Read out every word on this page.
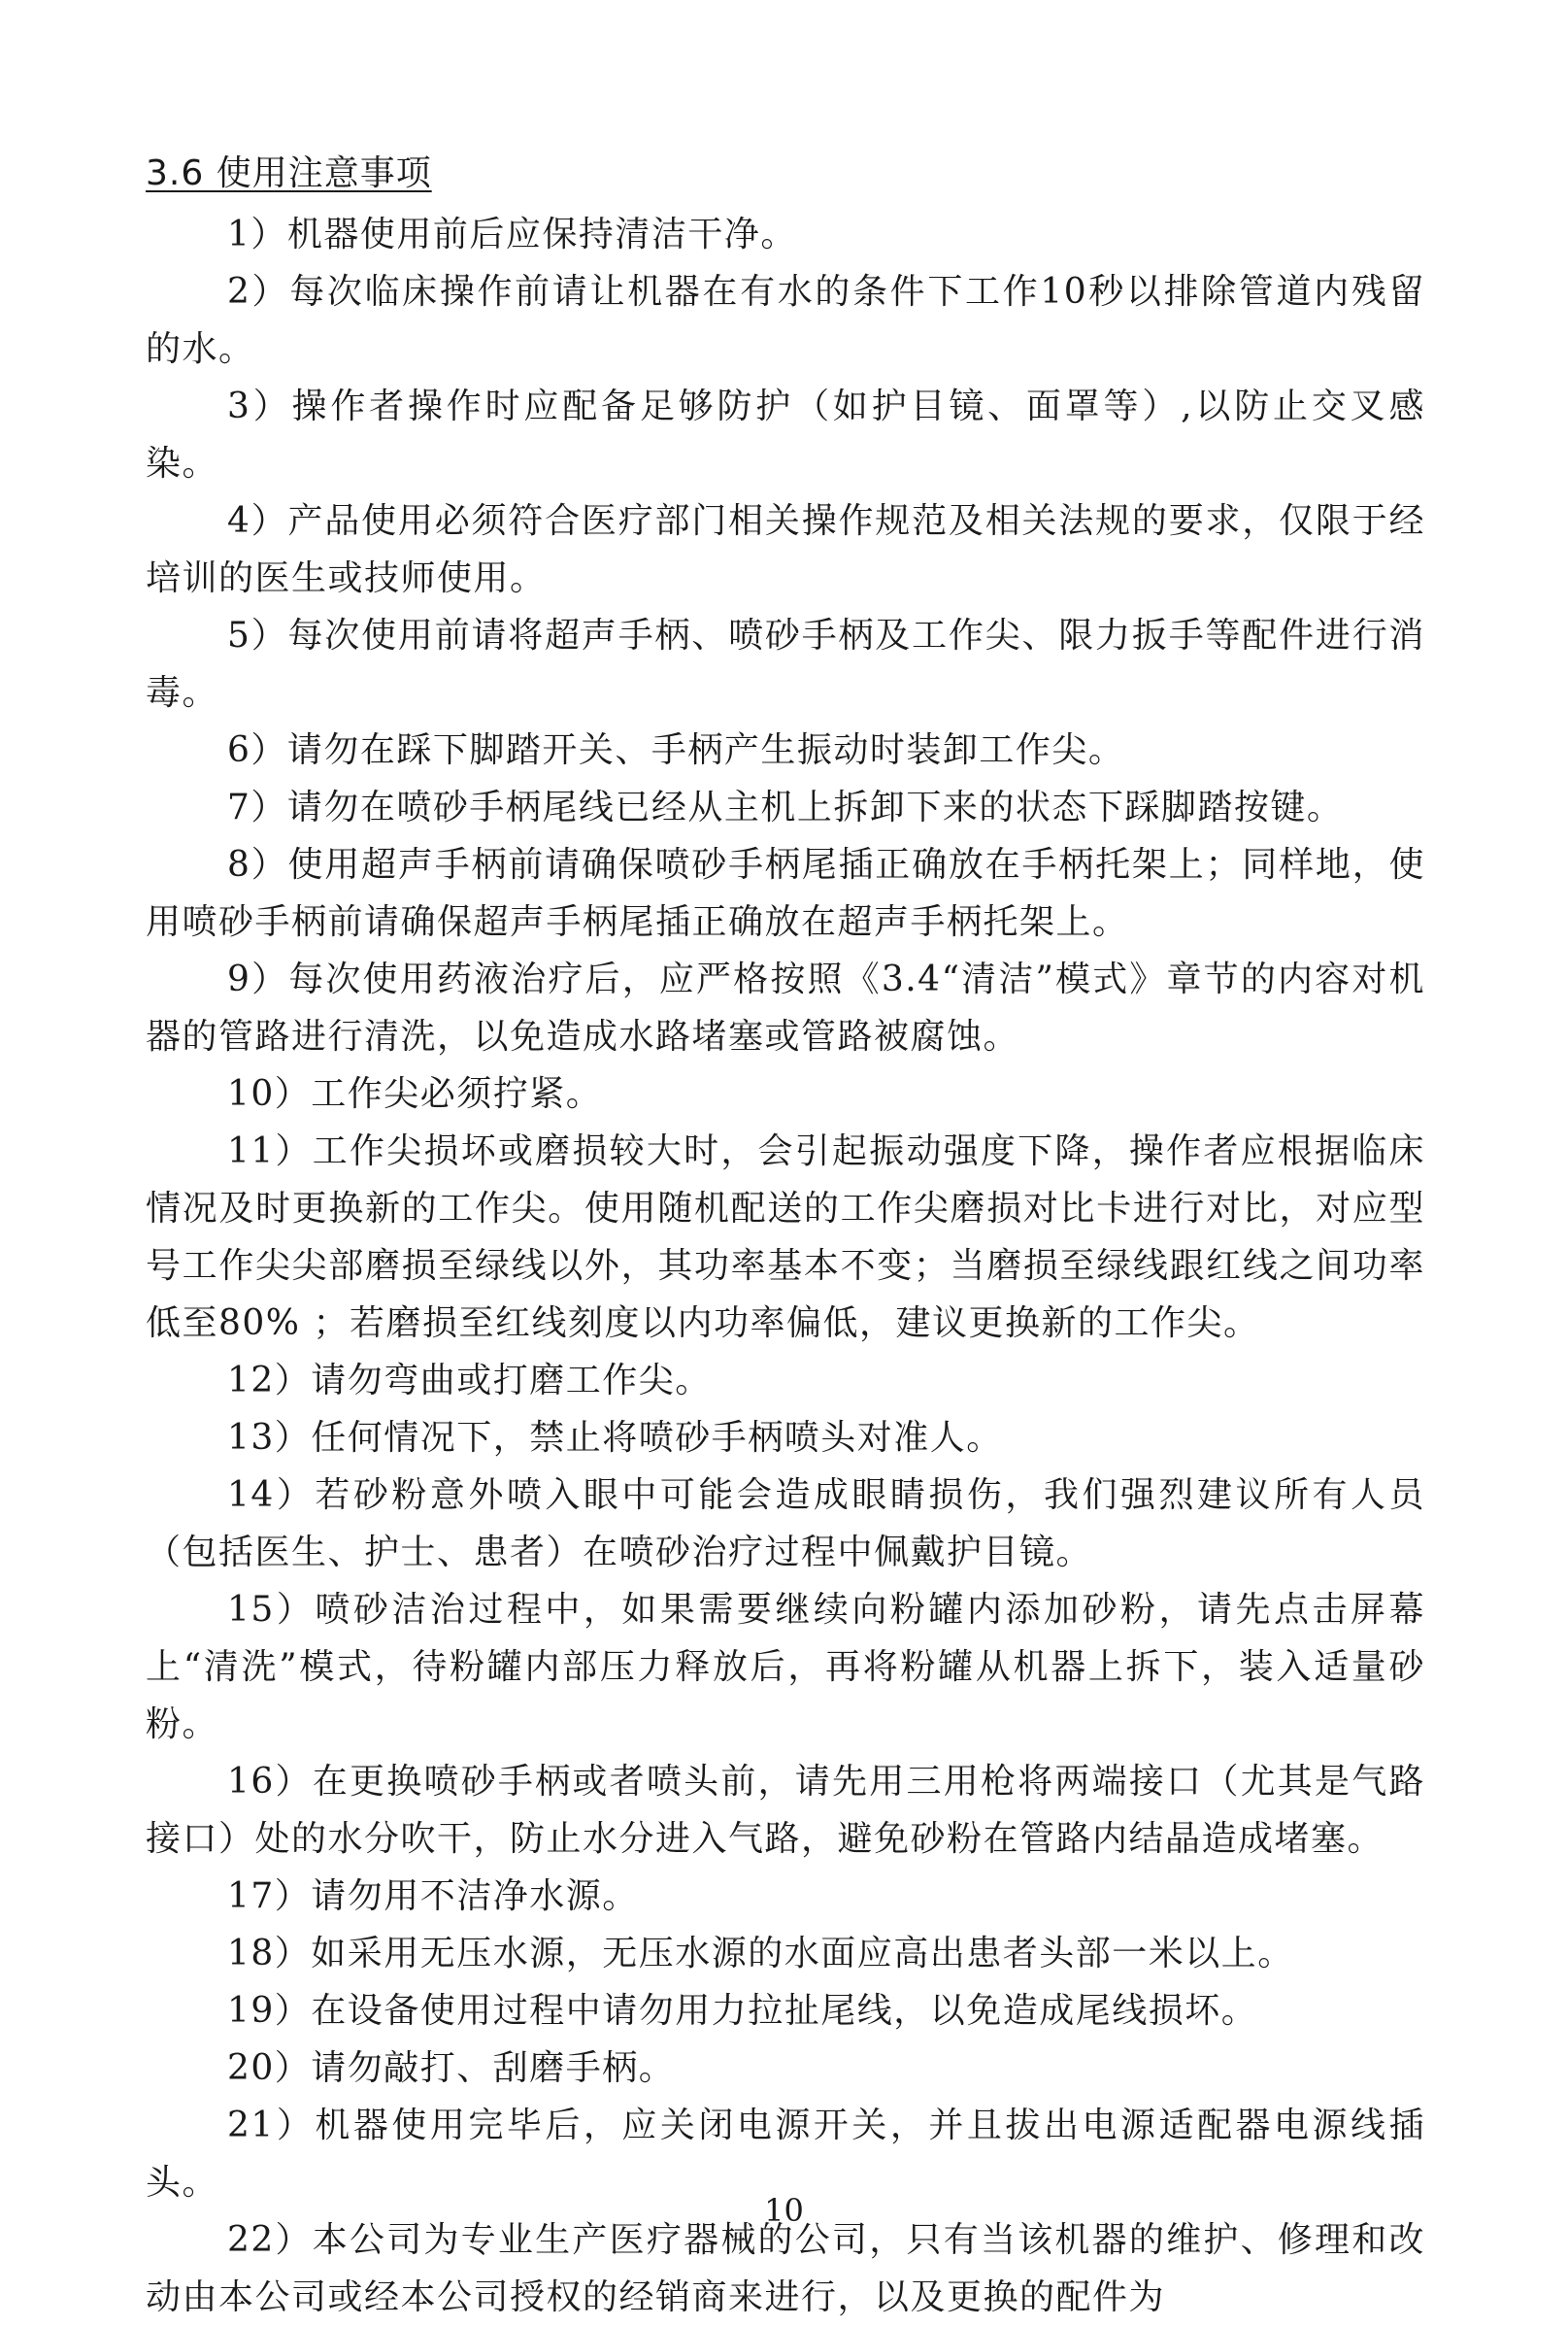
3.6 使用注意事项
1）机器使用前后应保持清洁干净。
2）每次临床操作前请让机器在有水的条件下工作10秒以排除管道内残留的水。
3）操作者操作时应配备足够防护（如护目镜、面罩等）,以防止交叉感染。
4）产品使用必须符合医疗部门相关操作规范及相关法规的要求，仅限于经培训的医生或技师使用。
5）每次使用前请将超声手柄、喷砂手柄及工作尖、限力扳手等配件进行消毒。
6）请勿在踩下脚踏开关、手柄产生振动时装卸工作尖。
7）请勿在喷砂手柄尾线已经从主机上拆卸下来的状态下踩脚踏按键。
8）使用超声手柄前请确保喷砂手柄尾插正确放在手柄托架上；同样地，使用喷砂手柄前请确保超声手柄尾插正确放在超声手柄托架上。
9）每次使用药液治疗后，应严格按照《3.4“清洁”模式》章节的内容对机器的管路进行清洗，以免造成水路堵塞或管路被腐蚀。
10）工作尖必须拧紧。
11）工作尖损坏或磨损较大时，会引起振动强度下降，操作者应根据临床情况及时更换新的工作尖。使用随机配送的工作尖磨损对比卡进行对比，对应型号工作尖尖部磨损至绿线以外，其功率基本不变；当磨损至绿线跟红线之间功率低至80% ；若磨损至红线刻度以内功率偏低，建议更换新的工作尖。
12）请勿弯曲或打磨工作尖。
13）任何情况下，禁止将喷砂手柄喷头对准人。
14）若砂粉意外喷入眼中可能会造成眼睛损伤，我们强烈建议所有人员（包括医生、护士、患者）在喷砂治疗过程中佩戴护目镜。
15）喷砂洁治过程中，如果需要继续向粉罐内添加砂粉，请先点击屏幕上“清洗”模式，待粉罐内部压力释放后，再将粉罐从机器上拆下，装入适量砂粉。
16）在更换喷砂手柄或者喷头前，请先用三用枪将两端接口（尤其是气路接口）处的水分吹干，防止水分进入气路，避免砂粉在管路内结晶造成堵塞。
17）请勿用不洁净水源。
18）如采用无压水源，无压水源的水面应高出患者头部一米以上。
19）在设备使用过程中请勿用力拉扯尾线，以免造成尾线损坏。
20）请勿敲打、刮磨手柄。
21）机器使用完毕后，应关闭电源开关，并且拔出电源适配器电源线插头。
22）本公司为专业生产医疗器械的公司，只有当该机器的维护、修理和改动由本公司或经本公司授权的经销商来进行，以及更换的配件为
10
